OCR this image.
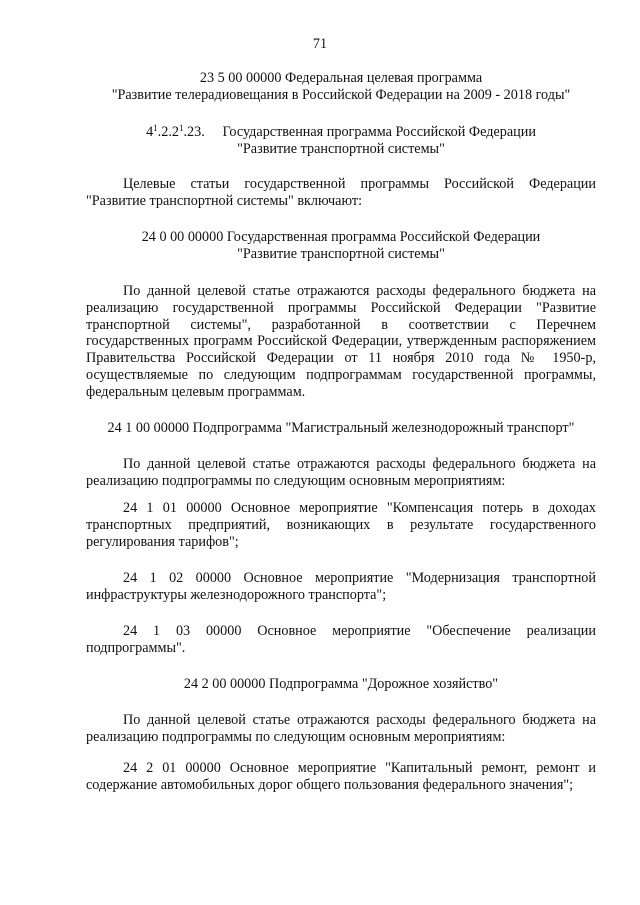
71
23 5 00 00000 Федеральная целевая программа
"Развитие телерадиовещания в Российской Федерации на 2009 - 2018 годы"
$4^1.2.2^1.23$. Государственная программа Российской Федерации
"Развитие транспортной системы"

Целевые статьи государственной программы Российской Федерации "Развитие транспортной системы" включают:

24 0 00 00000 Государственная программа Российской Федерации
"Развитие транспортной системы"

По данной целевой статье отражаются расходы федерального бюджета на реализацию государственной программы Российской Федерации "Развитие транспортной системы", разработанной в соответствии с Перечнем государственных программ Российской Федерации, утвержденным распоряжением Правительства Российской Федерации от 11 ноября 2010 года № 1950-р, осуществляемые по следующим подпрограммам государственной программы, федеральным целевым программам.

24 1 00 00000 Подпрограмма "Магистральный железнодорожный транспорт"

По данной целевой статье отражаются расходы федерального бюджета на реализацию подпрограммы по следующим основным мероприятиям:

24 1 01 00000 Основное мероприятие "Компенсация потерь в доходах транспортных предприятий, возникающих в результате государственного регулирования тарифов";

24 1 02 00000 Основное мероприятие "Модернизация транспортной инфраструктуры железнодорожного транспорта";

24 1 03 00000 Основное мероприятие "Обеспечение реализации подпрограммы".

24 2 00 00000 Подпрограмма "Дорожное хозяйство"

По данной целевой статье отражаются расходы федерального бюджета на реализацию подпрограммы по следующим основным мероприятиям:

24 2 01 00000 Основное мероприятие "Капитальный ремонт, ремонт и содержание автомобильных дорог общего пользования федерального значения";
